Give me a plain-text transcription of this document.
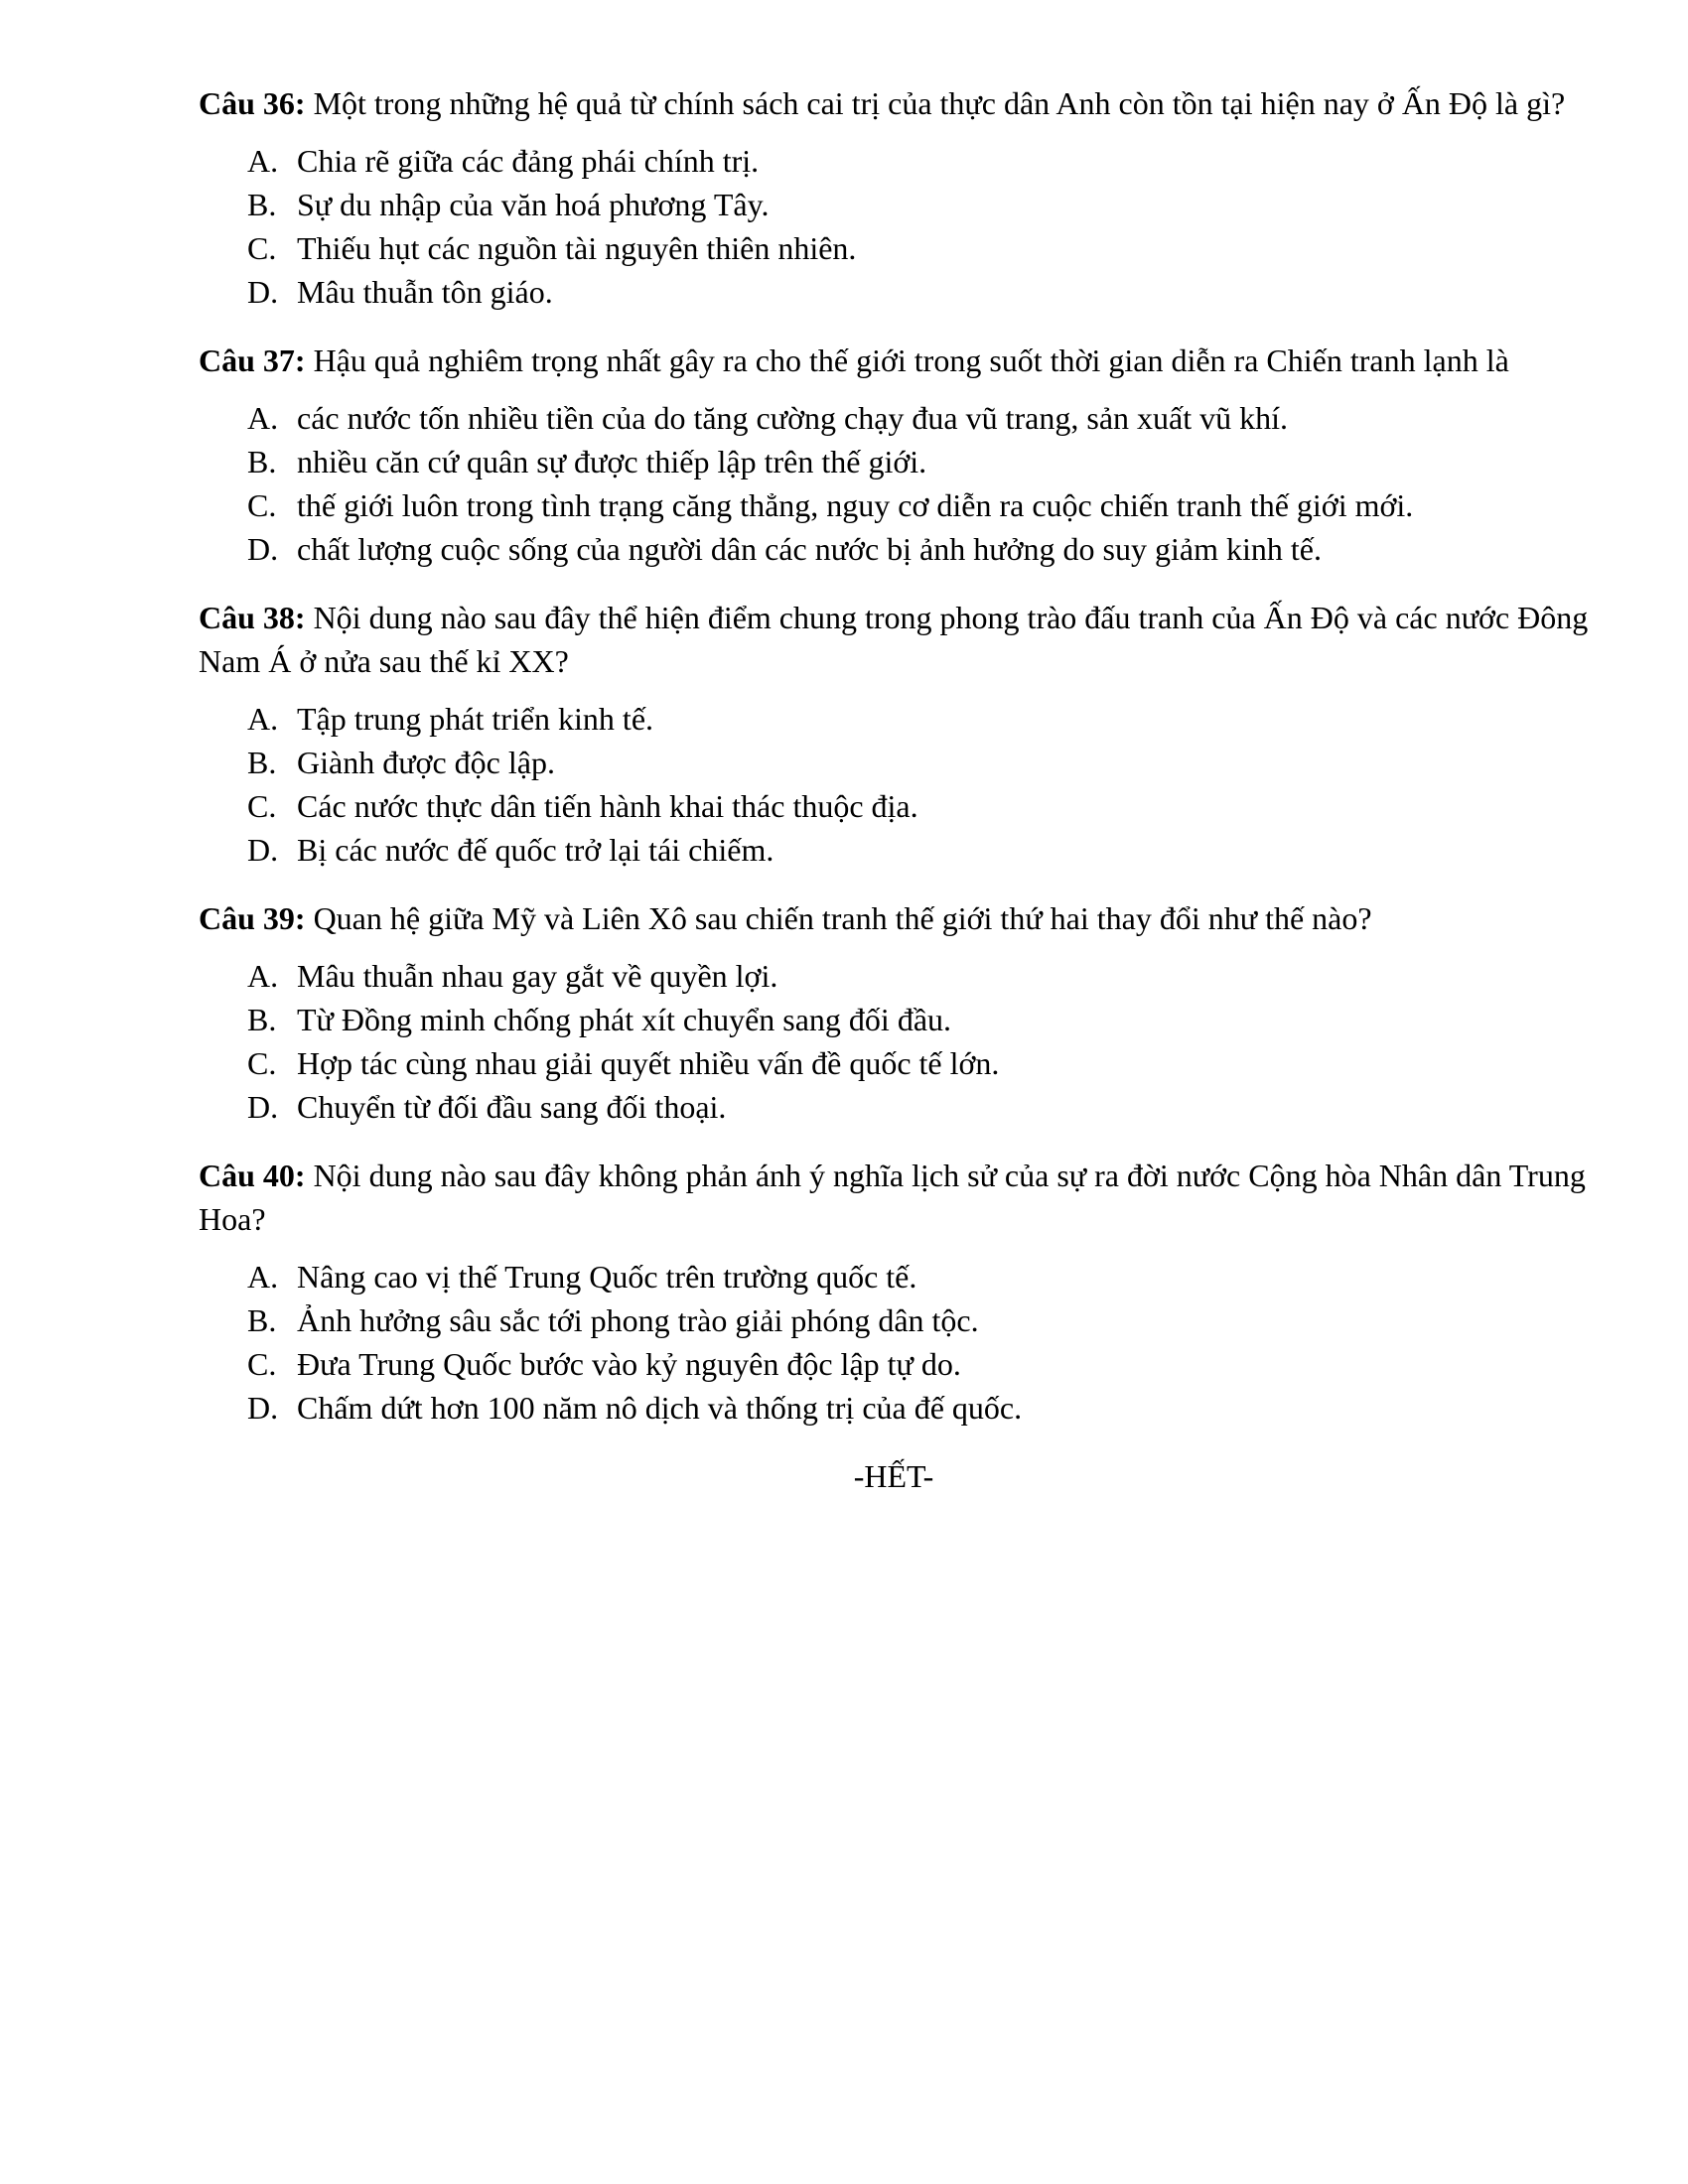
Câu 36: Một trong những hệ quả từ chính sách cai trị của thực dân Anh còn tồn tại hiện nay ở Ấn Độ là gì?

A. Chia rẽ giữa các đảng phái chính trị.
B. Sự du nhập của văn hoá phương Tây.
C. Thiếu hụt các nguồn tài nguyên thiên nhiên.
D. Mâu thuẫn tôn giáo.

Câu 37: Hậu quả nghiêm trọng nhất gây ra cho thế giới trong suốt thời gian diễn ra Chiến tranh lạnh là

A. các nước tốn nhiều tiền của do tăng cường chạy đua vũ trang, sản xuất vũ khí.
B. nhiều căn cứ quân sự được thiếp lập trên thế giới.
C. thế giới luôn trong tình trạng căng thẳng, nguy cơ diễn ra cuộc chiến tranh thế giới mới.
D. chất lượng cuộc sống của người dân các nước bị ảnh hưởng do suy giảm kinh tế.

Câu 38: Nội dung nào sau đây thể hiện điểm chung trong phong trào đấu tranh của Ấn Độ và các nước Đông Nam Á ở nửa sau thế kỉ XX?

A. Tập trung phát triển kinh tế.
B. Giành được độc lập.
C. Các nước thực dân tiến hành khai thác thuộc địa.
D. Bị các nước đế quốc trở lại tái chiếm.

Câu 39: Quan hệ giữa Mỹ và Liên Xô sau chiến tranh thế giới thứ hai thay đổi như thế nào?

A. Mâu thuẫn nhau gay gắt về quyền lợi.
B. Từ Đồng minh chống phát xít chuyển sang đối đầu.
C. Hợp tác cùng nhau giải quyết nhiều vấn đề quốc tế lớn.
D. Chuyển từ đối đầu sang đối thoại.

Câu 40: Nội dung nào sau đây không phản ánh ý nghĩa lịch sử của sự ra đời nước Cộng hòa Nhân dân Trung Hoa?

A. Nâng cao vị thế Trung Quốc trên trường quốc tế.
B. Ảnh hưởng sâu sắc tới phong trào giải phóng dân tộc.
C. Đưa Trung Quốc bước vào kỷ nguyên độc lập tự do.
D. Chấm dứt hơn 100 năm nô dịch và thống trị của đế quốc.
-HẾT-
